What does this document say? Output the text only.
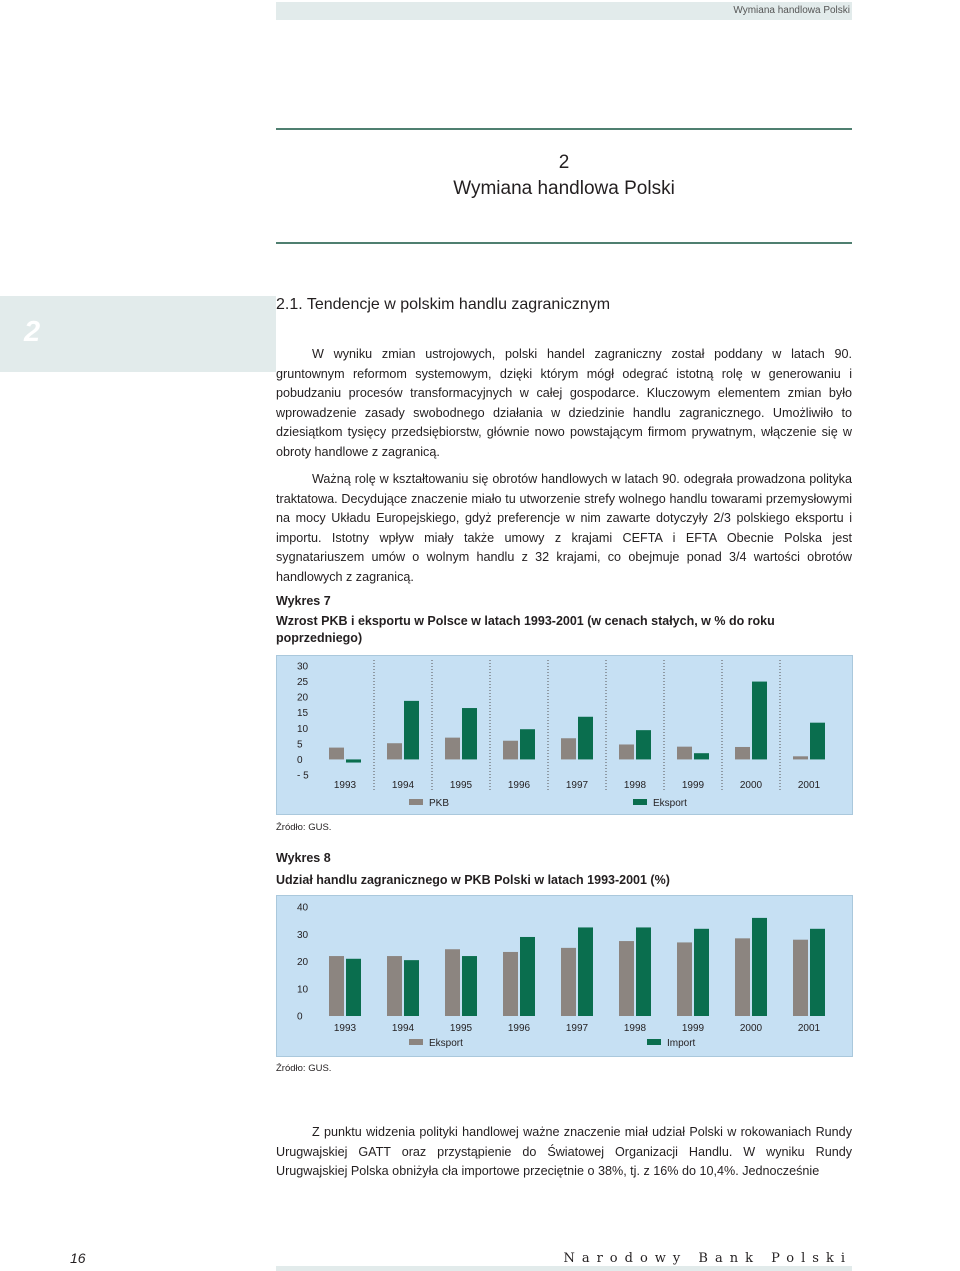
Wymiana handlowa Polski
2
Wymiana handlowa Polski
2
2.1. Tendencje w polskim handlu zagranicznym
W wyniku zmian ustrojowych, polski handel zagraniczny został poddany w latach 90. gruntownym reformom systemowym, dzięki którym mógł odegrać istotną rolę w generowaniu i pobudzaniu procesów transformacyjnych w całej gospodarce. Kluczowym elementem zmian było wprowadzenie zasady swobodnego działania w dziedzinie handlu zagranicznego. Umożliwiło to dziesiątkom tysięcy przedsiębiorstw, głównie nowo powstającym firmom prywatnym, włączenie się w obroty handlowe z zagranicą.
Ważną rolę w kształtowaniu się obrotów handlowych w latach 90. odegrała prowadzona polityka traktatowa. Decydujące znaczenie miało tu utworzenie strefy wolnego handlu towarami przemysłowymi na mocy Układu Europejskiego, gdyż preferencje w nim zawarte dotyczyły 2/3 polskiego eksportu i importu. Istotny wpływ miały także umowy z krajami CEFTA i EFTA Obecnie Polska jest sygnatariuszem umów o wolnym handlu z 32 krajami, co obejmuje ponad 3/4 wartości obrotów handlowych z zagranicą.
Wykres 7
Wzrost PKB i eksportu w Polsce w latach 1993-2001 (w cenach stałych, w % do roku poprzedniego)
30
25
20
15
10
5
0
- 5
1993	1994	1995	1996	1997	1998	1999	2000	2001
PKB	Eksport
Źródło: GUS.
Wykres 8
Udział handlu zagranicznego w PKB Polski w latach 1993-2001 (%)
40
30
20
10
0
1993	1994	1995	1996	1997	1998	1999	2000	2001
Eksport	Import
Źródło: GUS.
Z punktu widzenia polityki handlowej ważne znaczenie miał udział Polski w rokowaniach Rundy Urugwajskiej GATT oraz przystąpienie do Światowej Organizacji Handlu. W wyniku Rundy Urugwajskiej Polska obniżyła cła importowe przeciętnie o 38%, tj. z 16% do 10,4%. Jednocześnie
16	Narodowy Bank Polski
